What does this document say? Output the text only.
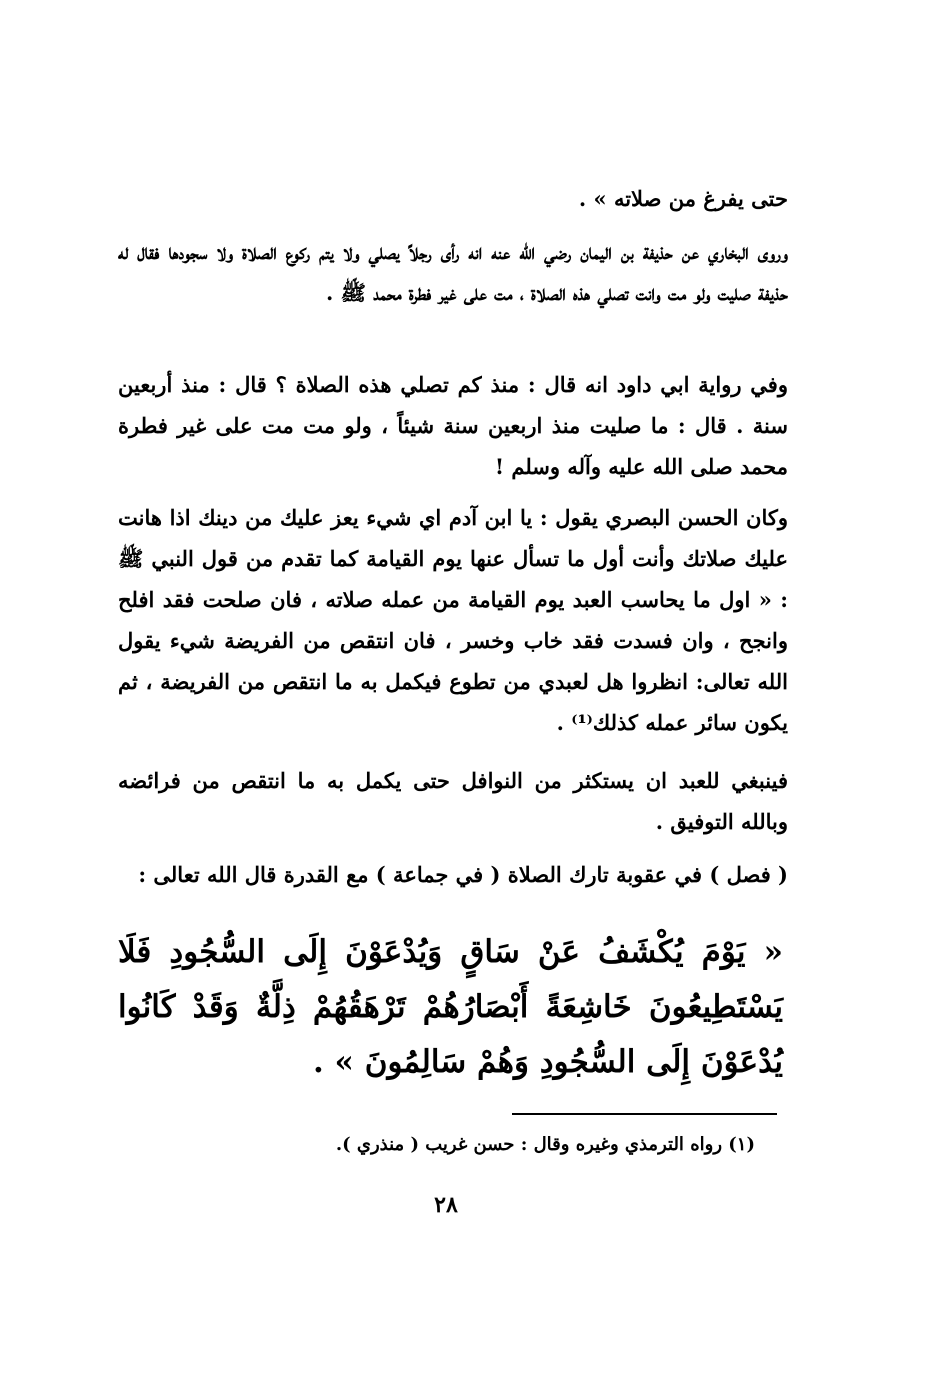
حتى يفرغ من صلاته » .

وروى البخاري عن حذيفة بن اليمان رضي الله عنه انه رأى رجلاً يصلي ولا يتم ركوع الصلاة ولا سجودها فقال له حذيفة صليت ولو مت وانت تصلي هذه الصلاة ، مت على غير فطرة محمد ﷺ .

وفي رواية ابي داود انه قال : منذ كم تصلي هذه الصلاة ؟ قال : منذ أربعين سنة . قال : ما صليت منذ اربعين سنة شيئاً ، ولو مت مت على غير فطرة محمد صلى الله عليه وآله وسلم !

وكان الحسن البصري يقول : يا ابن آدم اي شيء يعز عليك من دينك اذا هانت عليك صلاتك وأنت أول ما تسأل عنها يوم القيامة كما تقدم من قول النبي ﷺ : « اول ما يحاسب العبد يوم القيامة من عمله صلاته ، فان صلحت فقد افلح وانجح ، وان فسدت فقد خاب وخسر ، فان انتقص من الفريضة شيء يقول الله تعالى: انظروا هل لعبدي من تطوع فيكمل به ما انتقص من الفريضة ، ثم يكون سائر عمله كذلك⁽¹⁾ .

فينبغي للعبد ان يستكثر من النوافل حتى يكمل به ما انتقص من فرائضه وبالله التوفيق .

( فصل ) في عقوبة تارك الصلاة ( في جماعة ) مع القدرة قال الله تعالى :

« يَوْمَ يُكْشَفُ عَنْ سَاقٍ وَيُدْعَوْنَ إِلَى السُّجُودِ فَلَا يَسْتَطِيعُونَ خَاشِعَةً أَبْصَارُهُمْ تَرْهَقُهُمْ ذِلَّةٌ وَقَدْ كَانُوا يُدْعَوْنَ إِلَى السُّجُودِ وَهُمْ سَالِمُونَ » .
(١) رواه الترمذي وغيره وقال : حسن غريب ( منذري ).
٢٨
